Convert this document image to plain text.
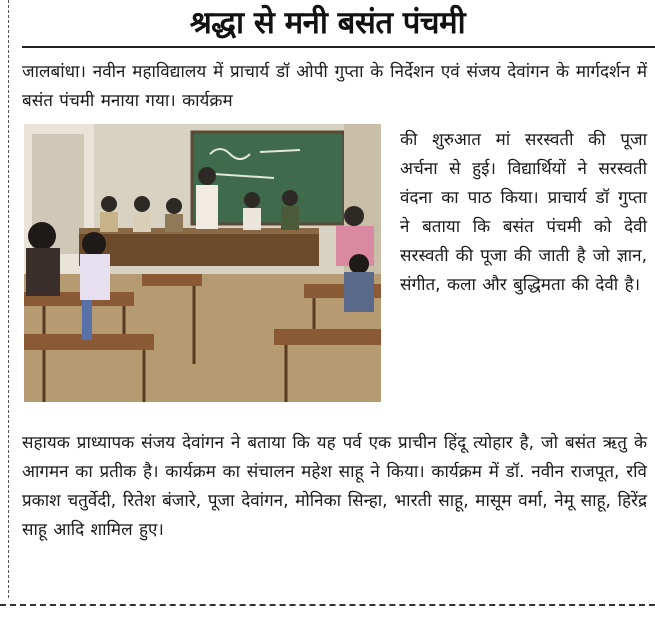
श्रद्धा से मनी बसंत पंचमी

जालबांधा। नवीन महाविद्यालय में प्राचार्य डॉ ओपी गुप्ता के निर्देशन एवं संजय देवांगन के मार्गदर्शन में बसंत पंचमी मनाया गया। कार्यक्रम

की शुरुआत मां सरस्वती की पूजा अर्चना से हुई। विद्यार्थियों ने सरस्वती वंदना का पाठ किया। प्राचार्य डॉ गुप्ता ने बताया कि बसंत पंचमी को देवी सरस्वती की पूजा की जाती है जो ज्ञान, संगीत, कला और बुद्धिमता की देवी है।

सहायक प्राध्यापक संजय देवांगन ने बताया कि यह पर्व एक प्राचीन हिंदू त्योहार है, जो बसंत ऋतु के आगमन का प्रतीक है। कार्यक्रम का संचालन महेश साहू ने किया। कार्यक्रम में डॉ. नवीन राजपूत, रवि प्रकाश चतुर्वेदी, रितेश बंजारे, पूजा देवांगन, मोनिका सिन्हा, भारती साहू, मासूम वर्मा, नेमू साहू, हिरेंद्र साहू आदि शामिल हुए।
